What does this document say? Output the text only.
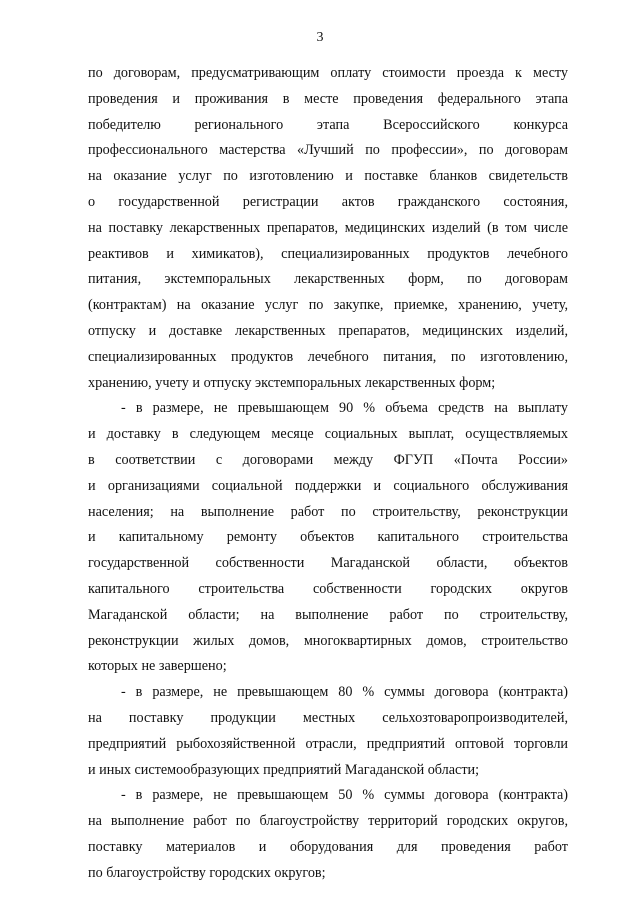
3
по договорам, предусматривающим оплату стоимости проезда к месту
проведения и проживания в месте проведения федерального этапа
победителю регионального этапа Всероссийского конкурса
профессионального мастерства «Лучший по профессии», по договорам
на оказание услуг по изготовлению и поставке бланков свидетельств
о государственной регистрации актов гражданского состояния,
на поставку лекарственных препаратов, медицинских изделий (в том числе
реактивов и химикатов), специализированных продуктов лечебного
питания, экстемпоральных лекарственных форм, по договорам
(контрактам) на оказание услуг по закупке, приемке, хранению, учету,
отпуску и доставке лекарственных препаратов, медицинских изделий,
специализированных продуктов лечебного питания, по изготовлению,
хранению, учету и отпуску экстемпоральных лекарственных форм;
- в размере, не превышающем 90 % объема средств на выплату
и доставку в следующем месяце социальных выплат, осуществляемых
в соответствии с договорами между ФГУП «Почта России»
и организациями социальной поддержки и социального обслуживания
населения; на выполнение работ по строительству, реконструкции
и капитальному ремонту объектов капитального строительства
государственной собственности Магаданской области, объектов
капитального строительства собственности городских округов
Магаданской области; на выполнение работ по строительству,
реконструкции жилых домов, многоквартирных домов, строительство
которых не завершено;
- в размере, не превышающем 80 % суммы договора (контракта)
на поставку продукции местных сельхозтоваропроизводителей,
предприятий рыбохозяйственной отрасли, предприятий оптовой торговли
и иных системообразующих предприятий Магаданской области;
- в размере, не превышающем 50 % суммы договора (контракта)
на выполнение работ по благоустройству территорий городских округов,
поставку материалов и оборудования для проведения работ
по благоустройству городских округов;
